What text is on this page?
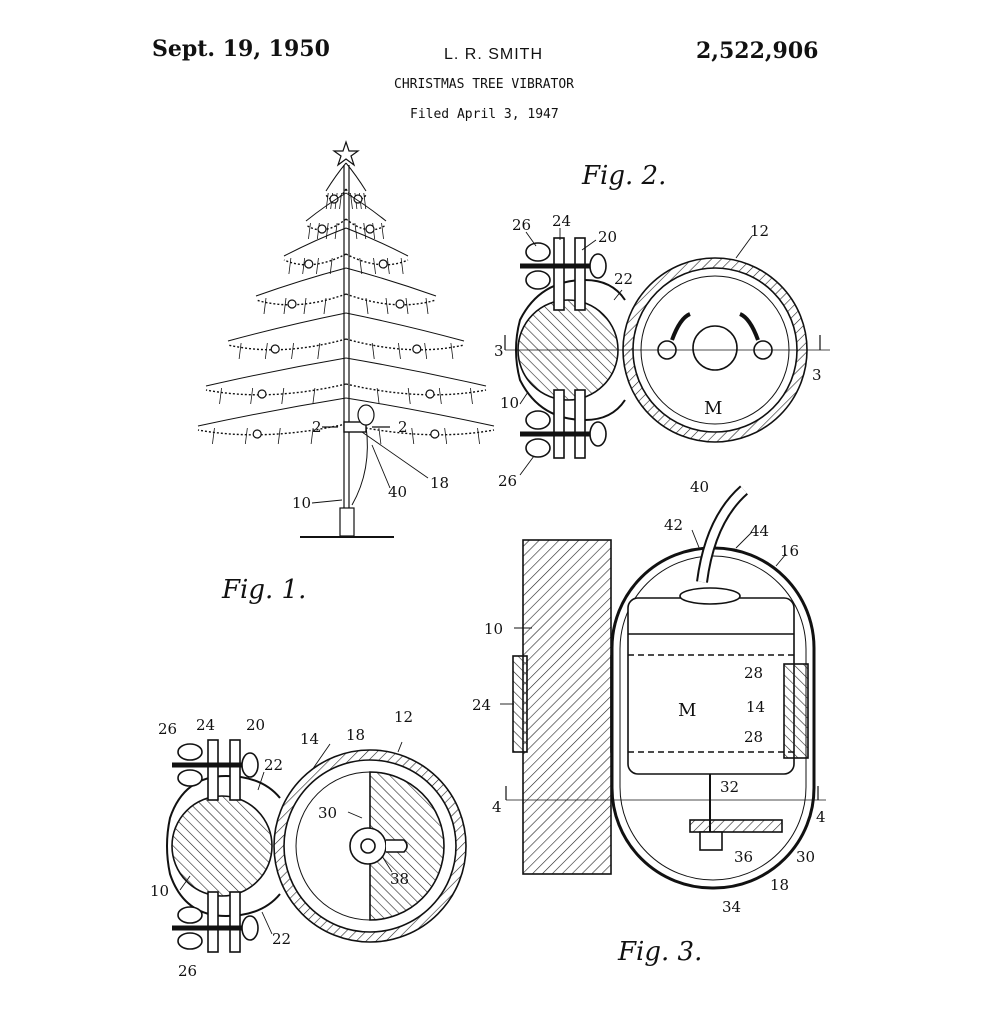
Sept. 19, 1950	L. R. SMITH	2,522,906
CHRISTMAS TREE VIBRATOR
Filed April 3, 1947
2	2
18
10
40
Fig. 1.
26 24
20	12
22
3
3
10	M
26
Fig. 2.
40
42	44
16
10
28
24	M	14
28
32
4
4
30
36
18
34
Fig. 3.
26 24 20	12
14 18
22
30
38
10
22
26
